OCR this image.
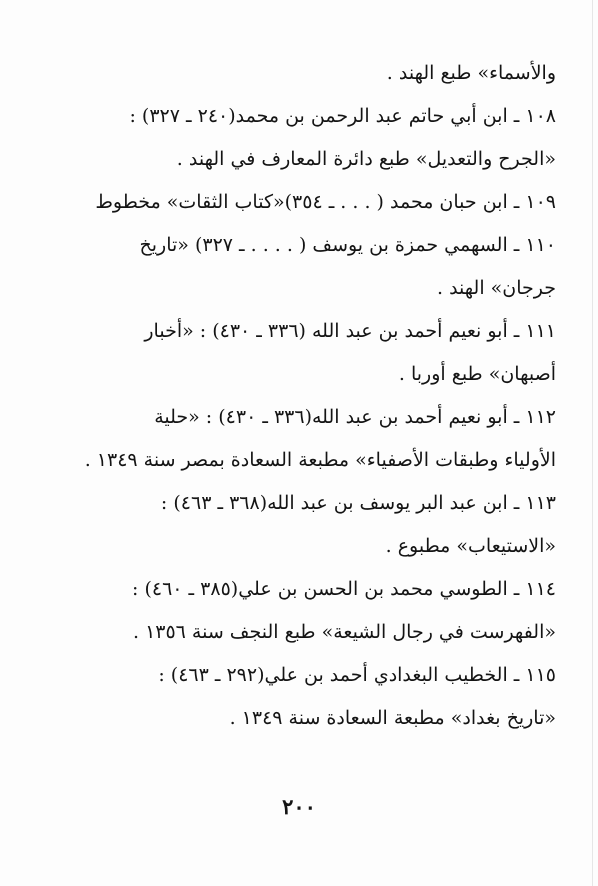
والأسماء» طبع الهند .
١٠٨ ـ ابن أبي حاتم عبد الرحمن بن محمد(٢٤٠ ـ ٣٢٧) :
«الجرح والتعديل» طبع دائرة المعارف في الهند .
١٠٩ ـ ابن حبان محمد ( . . . ـ ٣٥٤)«كتاب الثقات» مخطوط
١١٠ ـ السهمي حمزة بن يوسف ( . . . . ـ ٣٢٧) «تاريخ
جرجان» الهند .
١١١ ـ أبو نعيم أحمد بن عبد الله (٣٣٦ ـ ٤٣٠) : «أخبار
أصبهان» طبع أوربا .
١١٢ ـ أبو نعيم أحمد بن عبد الله(٣٣٦ ـ ٤٣٠) : «حلية
الأولياء وطبقات الأصفياء» مطبعة السعادة بمصر سنة ١٣٤٩ .
١١٣ ـ ابن عبد البر يوسف بن عبد الله(٣٦٨ ـ ٤٦٣) :
«الاستيعاب» مطبوع .
١١٤ ـ الطوسي محمد بن الحسن بن علي(٣٨٥ ـ ٤٦٠) :
«الفهرست في رجال الشيعة» طبع النجف سنة ١٣٥٦ .
١١٥ ـ الخطيب البغدادي أحمد بن علي(٢٩٢ ـ ٤٦٣) :
«تاريخ بغداد» مطبعة السعادة سنة ١٣٤٩ .
٢٠٠
